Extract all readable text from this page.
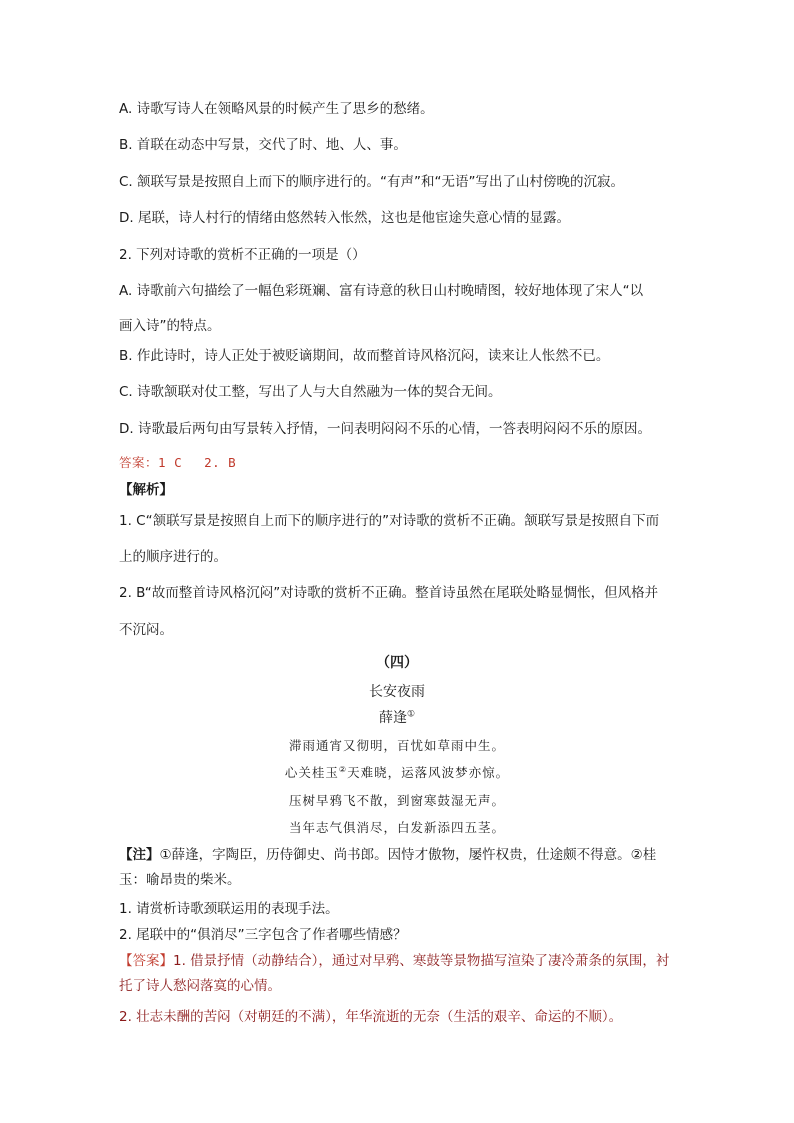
A. 诗歌写诗人在领略风景的时候产生了思乡的愁绪。
B. 首联在动态中写景，交代了时、地、人、事。
C. 颔联写景是按照自上而下的顺序进行的。“有声”和“无语”写出了山村傍晚的沉寂。
D. 尾联，诗人村行的情绪由悠然转入怅然，这也是他宦途失意心情的显露。
2. 下列对诗歌的赏析不正确的一项是（）
A. 诗歌前六句描绘了一幅色彩斑斓、富有诗意的秋日山村晚晴图，较好地体现了宋人“以
画入诗”的特点。
B. 作此诗时，诗人正处于被贬谪期间，故而整首诗风格沉闷，读来让人怅然不已。
C. 诗歌颔联对仗工整，写出了人与大自然融为一体的契合无间。
D. 诗歌最后两句由写景转入抒情，一问表明闷闷不乐的心情，一答表明闷闷不乐的原因。
答案：1 C 2. B
【解析】
1. C“颔联写景是按照自上而下的顺序进行的”对诗歌的赏析不正确。颔联写景是按照自下而
上的顺序进行的。
2. B“故而整首诗风格沉闷”对诗歌的赏析不正确。整首诗虽然在尾联处略显惆怅，但风格并
不沉闷。
（四）
长安夜雨
薛逢①
滞雨通宵又彻明，百忧如草雨中生。
心关桂玉②天难晓，运落风波梦亦惊。
压树早鸦飞不散，到窗寒鼓湿无声。
当年志气俱消尽，白发新添四五茎。
【注】①薛逢，字陶臣，历侍御史、尚书郎。因恃才傲物，屡忤权贵，仕途颇不得意。②桂玉：喻昂贵的柴米。
1. 请赏析诗歌颈联运用的表现手法。
2. 尾联中的“俱消尽”三字包含了作者哪些情感？
【答案】1. 借景抒情（动静结合），通过对早鸦、寒鼓等景物描写渲染了凄冷萧条的氛围，衬托了诗人愁闷落寞的心情。
2. 壮志未酬的苦闷（对朝廷的不满），年华流逝的无奈（生活的艰辛、命运的不顺）。
